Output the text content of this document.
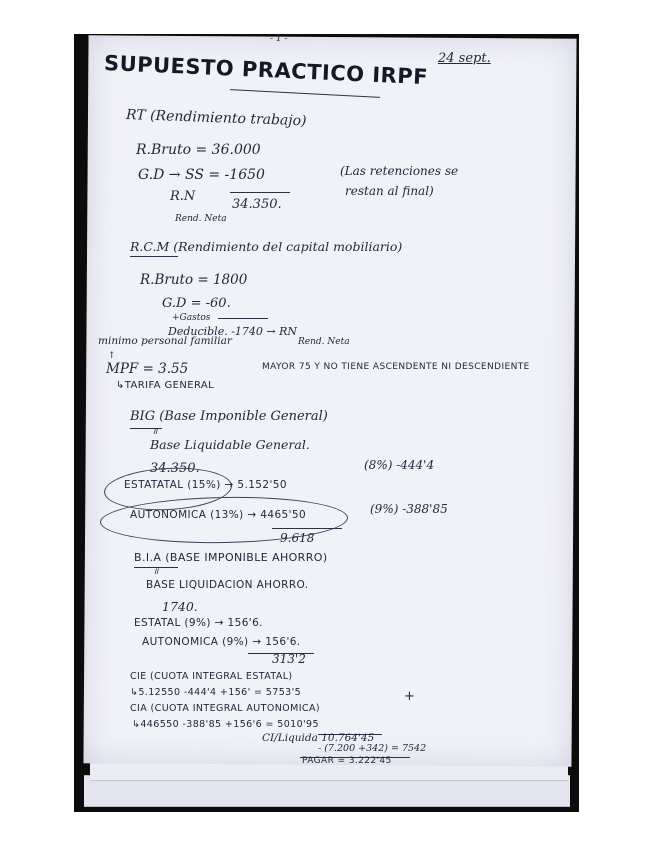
- 1 -
SUPUESTO PRACTICO IRPF 24 sept.
RT (Rendimiento trabajo)
R.Bruto = 36.000
G.D → SS = -1650
R.N
34.350.
Rend. Neta
(Las retenciones se
restan al final)
R.C.M (Rendimiento del capital mobiliario)
R.Bruto = 1800
G.D = -60.
+Gastos
Deducible. -1740 → RN
Rend. Neta
minimo personal familiar
↑
MPF = 3.55	MAYOR 75 Y NO TIENE ASCENDENTE NI DESCENDIENTE
↳TARIFA GENERAL
BIG (Base Imponible General)
॥
Base Liquidable General.
34.350.
ESTATATAL (15%) → 5.152'50
AUTONOMICA (13%) → 4465'50
9.618
(8%) -444'4
(9%) -388'85
B.I.A (BASE IMPONIBLE AHORRO)
॥
BASE LIQUIDACION AHORRO.
1740.
ESTATAL (9%) → 156'6.
AUTONOMICA (9%) → 156'6.
313'2
CIE (CUOTA INTEGRAL ESTATAL)
↳5.12550 -444'4 +156' = 5753'5
CIA (CUOTA INTEGRAL AUTONOMICA)
↳446550 -388'85 +156'6 = 5010'95
+
CI/Liquida 10.764'45
- (7.200 +342) = 7542
PAGAR = 3.222'45
